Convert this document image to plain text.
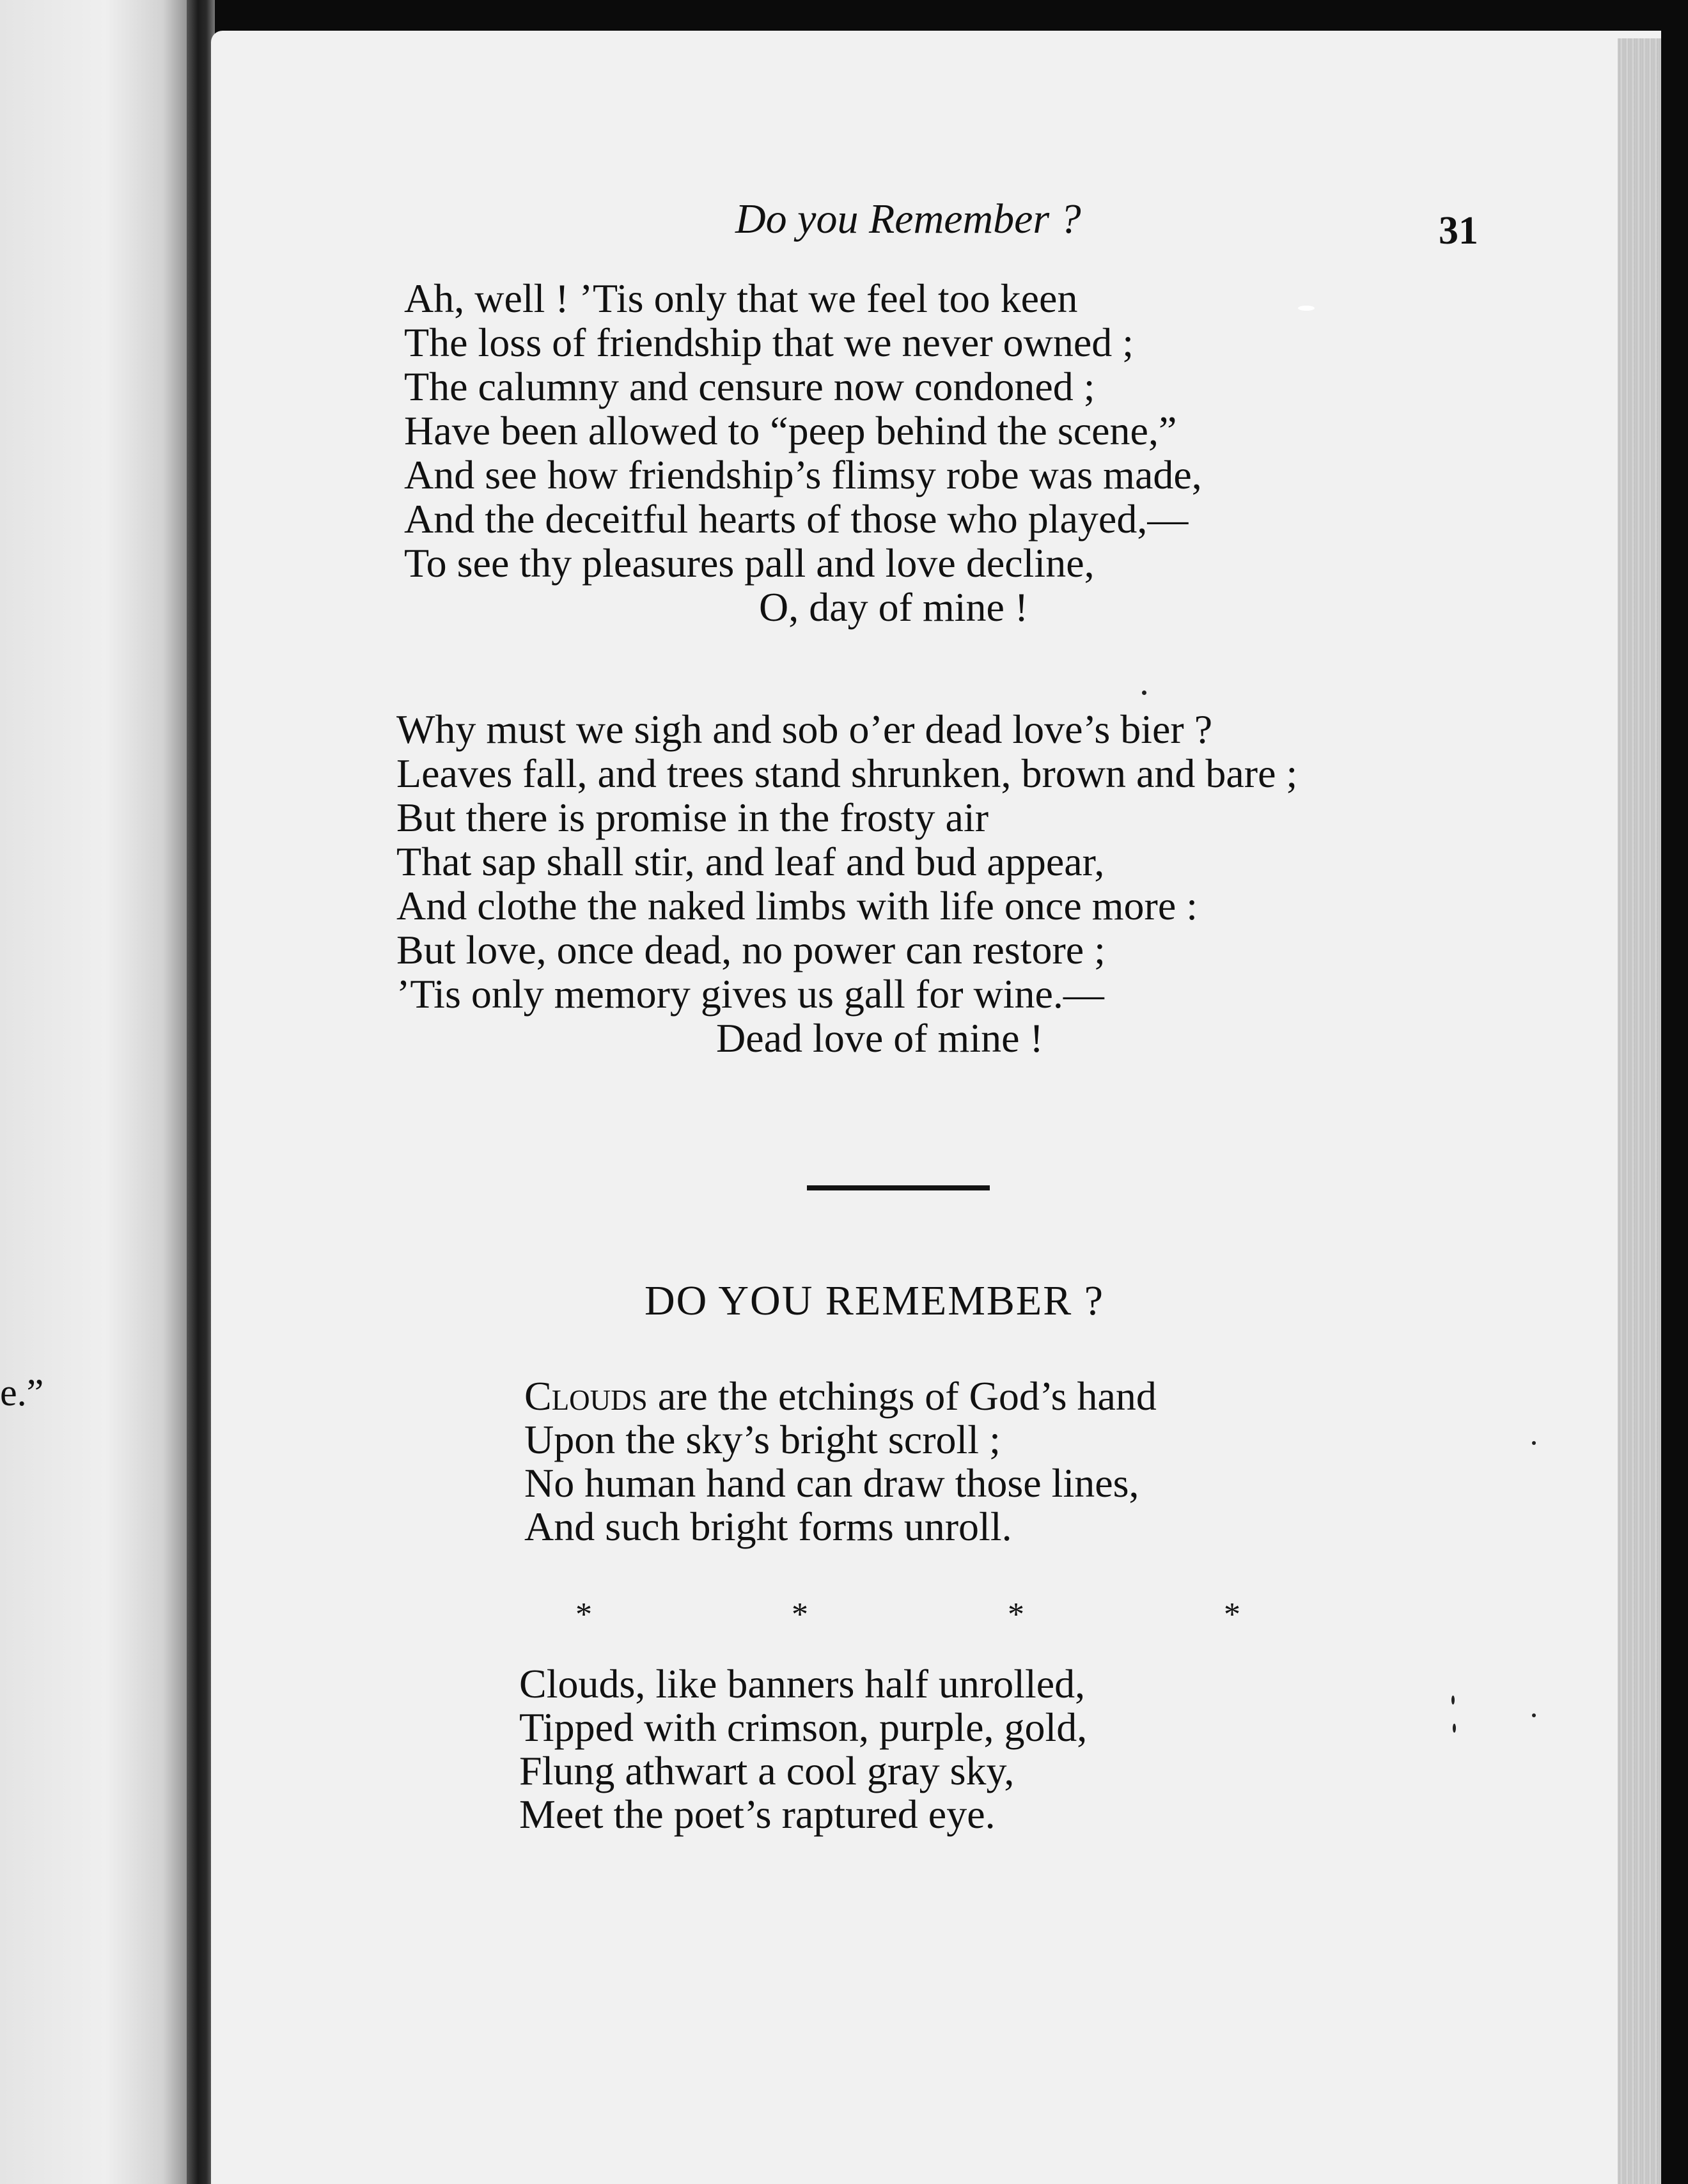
e.”
Do you Remember ?	31
Ah, well ! ’Tis only that we feel too keen
The loss of friendship that we never owned ;
The calumny and censure now condoned ;
Have been allowed to “peep behind the scene,”
And see how friendship’s flimsy robe was made,
And the deceitful hearts of those who played,—
To see thy pleasures pall and love decline,
O, day of mine !
Why must we sigh and sob o’er dead love’s bier ?
Leaves fall, and trees stand shrunken, brown and bare ;
But there is promise in the frosty air
That sap shall stir, and leaf and bud appear,
And clothe the naked limbs with life once more :
But love, once dead, no power can restore ;
’Tis only memory gives us gall for wine.—
Dead love of mine !
DO YOU REMEMBER ?
Clouds are the etchings of God’s hand
Upon the sky’s bright scroll ;
No human hand can draw those lines,
And such bright forms unroll.
*	*	*	*
Clouds, like banners half unrolled,
Tipped with crimson, purple, gold,
Flung athwart a cool gray sky,
Meet the poet’s raptured eye.
